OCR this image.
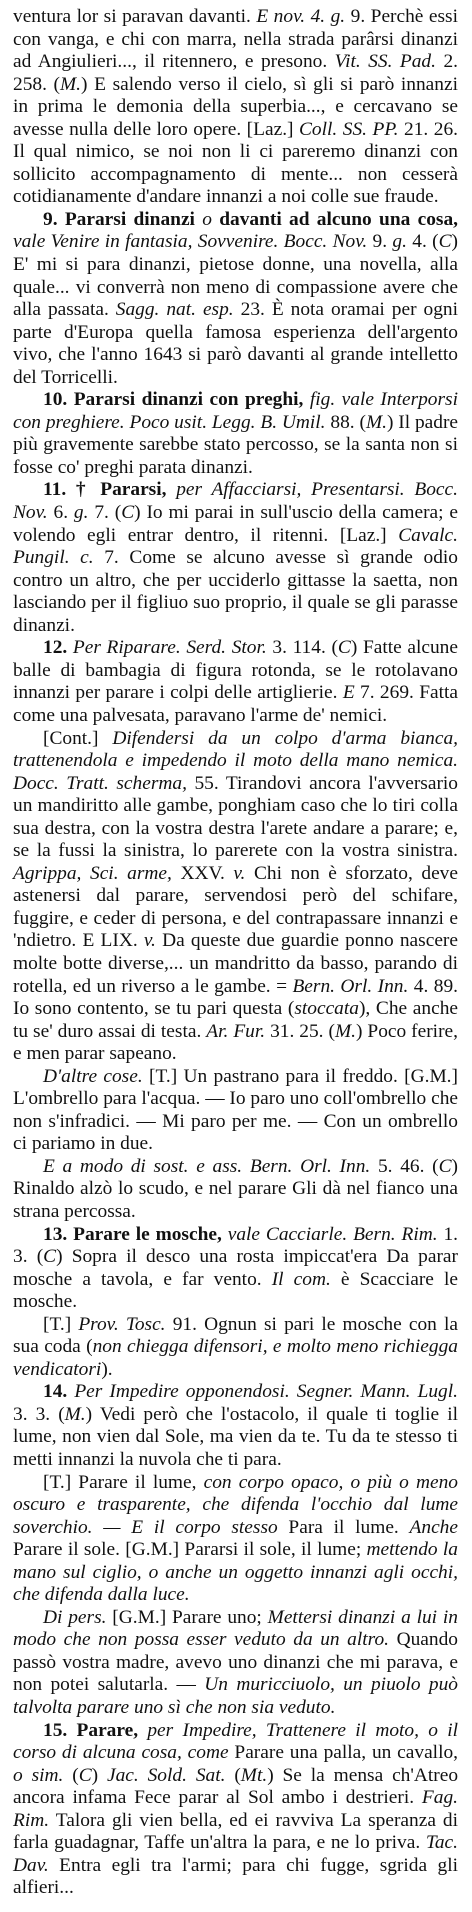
ventura lor si paravan davanti. E nov. 4. g. 9. Perchè essi con vanga, e chi con marra, nella strada parârsi dinanzi ad Angiulieri..., il ritennero, e presono. Vit. SS. Pad. 2. 258. (M.) E salendo verso il cielo, sì gli si parò innanzi in prima le demonia della superbia..., e cercavano se avesse nulla delle loro opere. [Laz.] Coll. SS. PP. 21. 26. Il qual nimico, se noi non li ci pareremo dinanzi con sollicito accompagnamento di mente... non cesserà cotidianamente d'andare innanzi a noi colle sue fraude.

9. Pararsi dinanzi o davanti ad alcuno una cosa, vale Venire in fantasia, Sovvenire. Bocc. Nov. 9. g. 4. (C) E' mi si para dinanzi, pietose donne, una novella, alla quale... vi converrà non meno di compassione avere che alla passata. Sagg. nat. esp. 23. È nota oramai per ogni parte d'Europa quella famosa esperienza dell'argento vivo, che l'anno 1643 si parò davanti al grande intelletto del Torricelli.

10. Pararsi dinanzi con preghi, fig. vale Interporsi con preghiere. Poco usit. Legg. B. Umil. 88. (M.) Il padre più gravemente sarebbe stato percosso, se la santa non si fosse co' preghi parata dinanzi.

11. † Pararsi, per Affacciarsi, Presentarsi. Bocc. Nov. 6. g. 7. (C) Io mi parai in sull'uscio della camera; e volendo egli entrar dentro, il ritenni. [Laz.] Cavalc. Pungil. c. 7. Come se alcuno avesse sì grande odio contro un altro, che per ucciderlo gittasse la saetta, non lasciando per il figliuo suo proprio, il quale se gli parasse dinanzi.

12. Per Riparare. Serd. Stor. 3. 114. (C) Fatte alcune balle di bambagia di figura rotonda, se le rotolavano innanzi per parare i colpi delle artiglierie. E 7. 269. Fatta come una palvesata, paravano l'arme de' nemici.

[Cont.] Difendersi da un colpo d'arma bianca, trattenendola e impedendo il moto della mano nemica. Docc. Tratt. scherma, 55. Tirandovi ancora l'avversario un mandiritto alle gambe, ponghiam caso che lo tiri colla sua destra, con la vostra destra l'arete andare a parare; e, se la fussi la sinistra, lo parerete con la vostra sinistra. Agrippa, Sci. arme, XXV. v. Chi non è sforzato, deve astenersi dal parare, servendosi però del schifare, fuggire, e ceder di persona, e del contrapassare innanzi e 'ndietro. E LIX. v. Da queste due guardie ponno nascere molte botte diverse,... un mandritto da basso, parando di rotella, ed un riverso a le gambe. = Bern. Orl. Inn. 4. 89. Io sono contento, se tu pari questa (stoccata), Che anche tu se' duro assai di testa. Ar. Fur. 31. 25. (M.) Poco ferire, e men parar sapeano.

D'altre cose. [T.] Un pastrano para il freddo. [G.M.] L'ombrello para l'acqua. — Io paro uno coll'ombrello che non s'infradici. — Mi paro per me. — Con un ombrello ci pariamo in due.

E a modo di sost. e ass. Bern. Orl. Inn. 5. 46. (C) Rinaldo alzò lo scudo, e nel parare Gli dà nel fianco una strana percossa.

13. Parare le mosche, vale Cacciarle. Bern. Rim. 1. 3. (C) Sopra il desco una rosta impiccat'era Da parar mosche a tavola, e far vento. Il com. è Scacciare le mosche.

[T.] Prov. Tosc. 91. Ognun si pari le mosche con la sua coda (non chiegga difensori, e molto meno richiegga vendicatori).

14. Per Impedire opponendosi. Segner. Mann. Lugl. 3. 3. (M.) Vedi però che l'ostacolo, il quale ti toglie il lume, non vien dal Sole, ma vien da te. Tu da te stesso ti metti innanzi la nuvola che ti para.

[T.] Parare il lume, con corpo opaco, o più o meno oscuro e trasparente, che difenda l'occhio dal lume soverchio. — E il corpo stesso Para il lume. Anche Parare il sole. [G.M.] Pararsi il sole, il lume; mettendo la mano sul ciglio, o anche un oggetto innanzi agli occhi, che difenda dalla luce.

Di pers. [G.M.] Parare uno; Mettersi dinanzi a lui in modo che non possa esser veduto da un altro. Quando passò vostra madre, avevo uno dinanzi che mi parava, e non potei salutarla. — Un muricciuolo, un piuolo può talvolta parare uno sì che non sia veduto.

15. Parare, per Impedire, Trattenere il moto, o il corso di alcuna cosa, come Parare una palla, un cavallo, o sim. (C) Jac. Sold. Sat. (Mt.) Se la mensa ch'Atreo ancora infama Fece parar al Sol ambo i destrieri. Fag. Rim. Talora gli vien bella, ed ei ravviva La speranza di farla guadagnar, Taffe un'altra la para, e ne lo priva. Tac. Dav. Entra egli tra l'armi; para chi fugge, sgrida gli alfieri...
